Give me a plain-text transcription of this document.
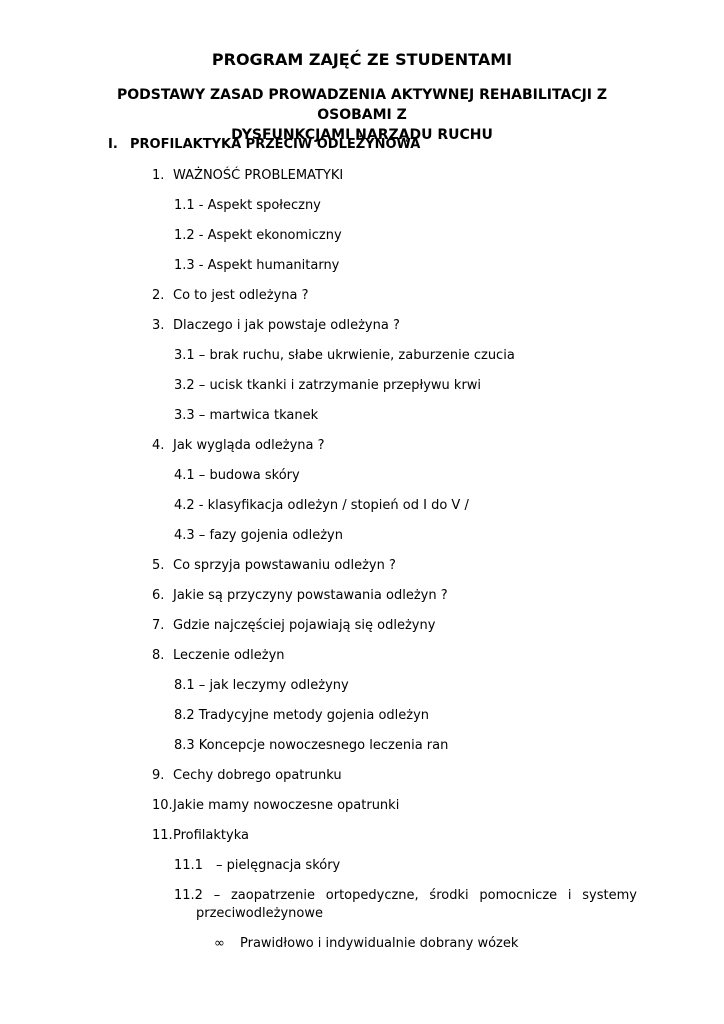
PROGRAM ZAJĘĆ ZE STUDENTAMI
PODSTAWY ZASAD PROWADZENIA AKTYWNEJ REHABILITACJI Z OSOBAMI Z
DYSFUNKCJAMI NARZĄDU RUCHU
I. PROFILAKTYKA PRZECIW ODLEŻYNOWA
1. WAŻNOŚĆ PROBLEMATYKI
1.1 - Aspekt społeczny
1.2 - Aspekt ekonomiczny
1.3 - Aspekt humanitarny
2. Co to jest odleżyna ?
3. Dlaczego i jak powstaje odleżyna ?
3.1 – brak ruchu, słabe ukrwienie, zaburzenie czucia
3.2 – ucisk tkanki i zatrzymanie przepływu krwi
3.3 – martwica tkanek
4. Jak wygląda odleżyna ?
4.1 – budowa skóry
4.2 - klasyfikacja odleżyn / stopień od I do V /
4.3 – fazy gojenia odleżyn
5. Co sprzyja powstawaniu odleżyn ?
6. Jakie są przyczyny powstawania odleżyn ?
7. Gdzie najczęściej pojawiają się odleżyny
8. Leczenie odleżyn
8.1 – jak leczymy odleżyny
8.2 Tradycyjne metody gojenia odleżyn
8.3 Koncepcje nowoczesnego leczenia ran
9. Cechy dobrego opatrunku
10.Jakie mamy nowoczesne opatrunki
11.Profilaktyka
11.1 – pielęgnacja skóry
11.2 – zaopatrzenie ortopedyczne, środki pomocnicze i systemy
przeciwodleżynowe
∞ Prawidłowo i indywidualnie dobrany wózek
